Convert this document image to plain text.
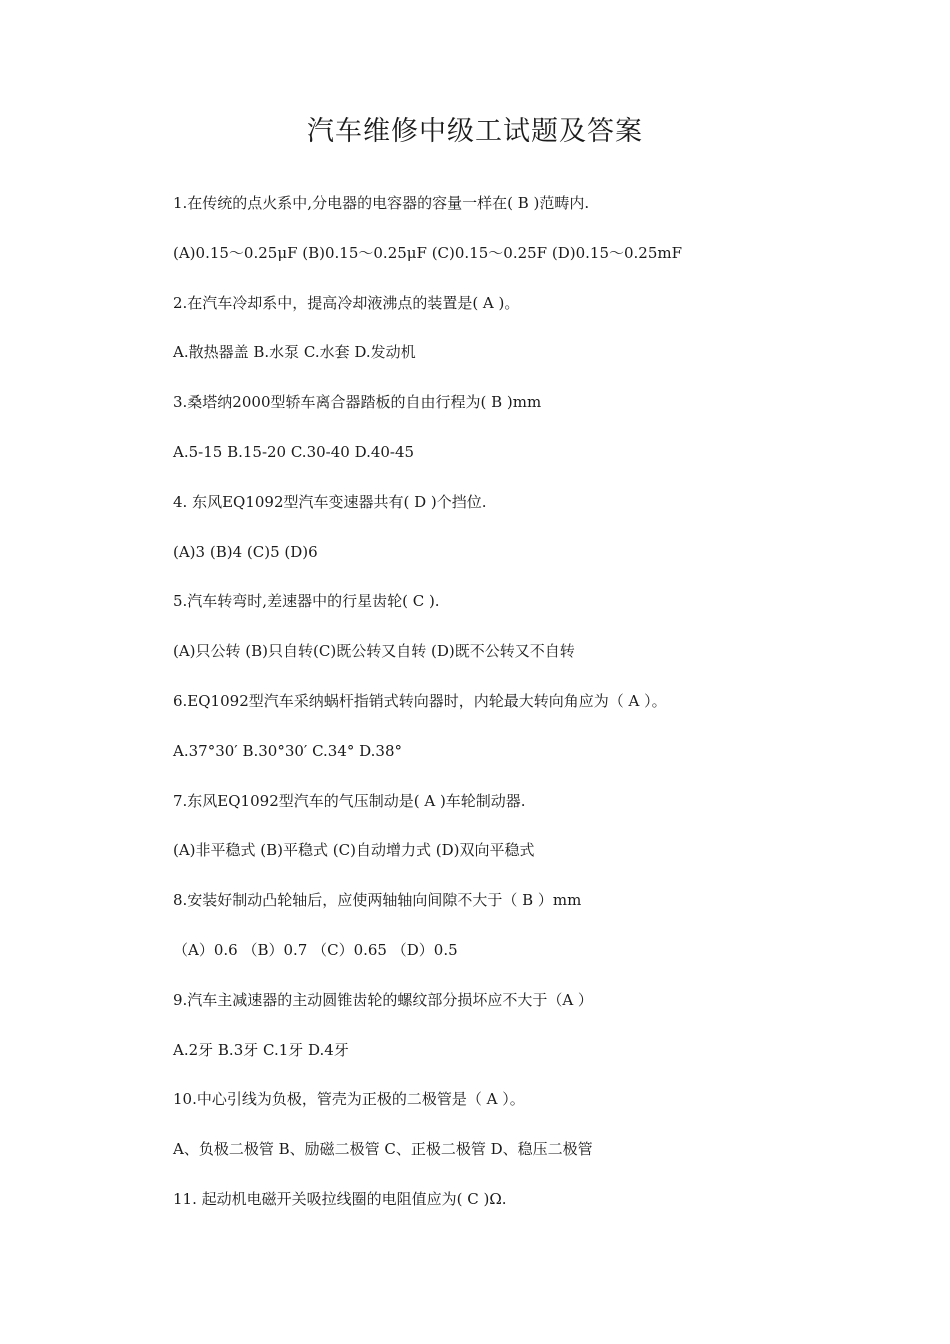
汽车维修中级工试题及答案
1.在传统的点火系中,分电器的电容器的容量一样在( B )范畴内.
(A)0.15～0.25μF (B)0.15～0.25μF (C)0.15～0.25F (D)0.15～0.25mF
2.在汽车冷却系中，提高冷却液沸点的装置是( A )。
A.散热器盖 B.水泵 C.水套 D.发动机
3.桑塔纳2000型轿车离合器踏板的自由行程为( B )mm
A.5-15 B.15-20 C.30-40 D.40-45
4. 东风EQ1092型汽车变速器共有( D )个挡位.
(A)3 (B)4 (C)5 (D)6
5.汽车转弯时,差速器中的行星齿轮( C ).
(A)只公转 (B)只自转(C)既公转又自转 (D)既不公转又不自转
6.EQ1092型汽车采纳蜗杆指销式转向器时，内轮最大转向角应为（ A ）。
A.37°30′ B.30°30′ C.34° D.38°
7.东风EQ1092型汽车的气压制动是( A )车轮制动器.
(A)非平稳式 (B)平稳式 (C)自动增力式 (D)双向平稳式
8.安装好制动凸轮轴后，应使两轴轴向间隙不大于（ B ）mm
（A）0.6 （B）0.7 （C）0.65 （D）0.5
9.汽车主减速器的主动圆锥齿轮的螺纹部分损坏应不大于（A ）
A.2牙 B.3牙 C.1牙 D.4牙
10.中心引线为负极，管壳为正极的二极管是（ A ）。
A、负极二极管 B、励磁二极管 C、正极二极管 D、稳压二极管
11. 起动机电磁开关吸拉线圈的电阻值应为( C )Ω.
